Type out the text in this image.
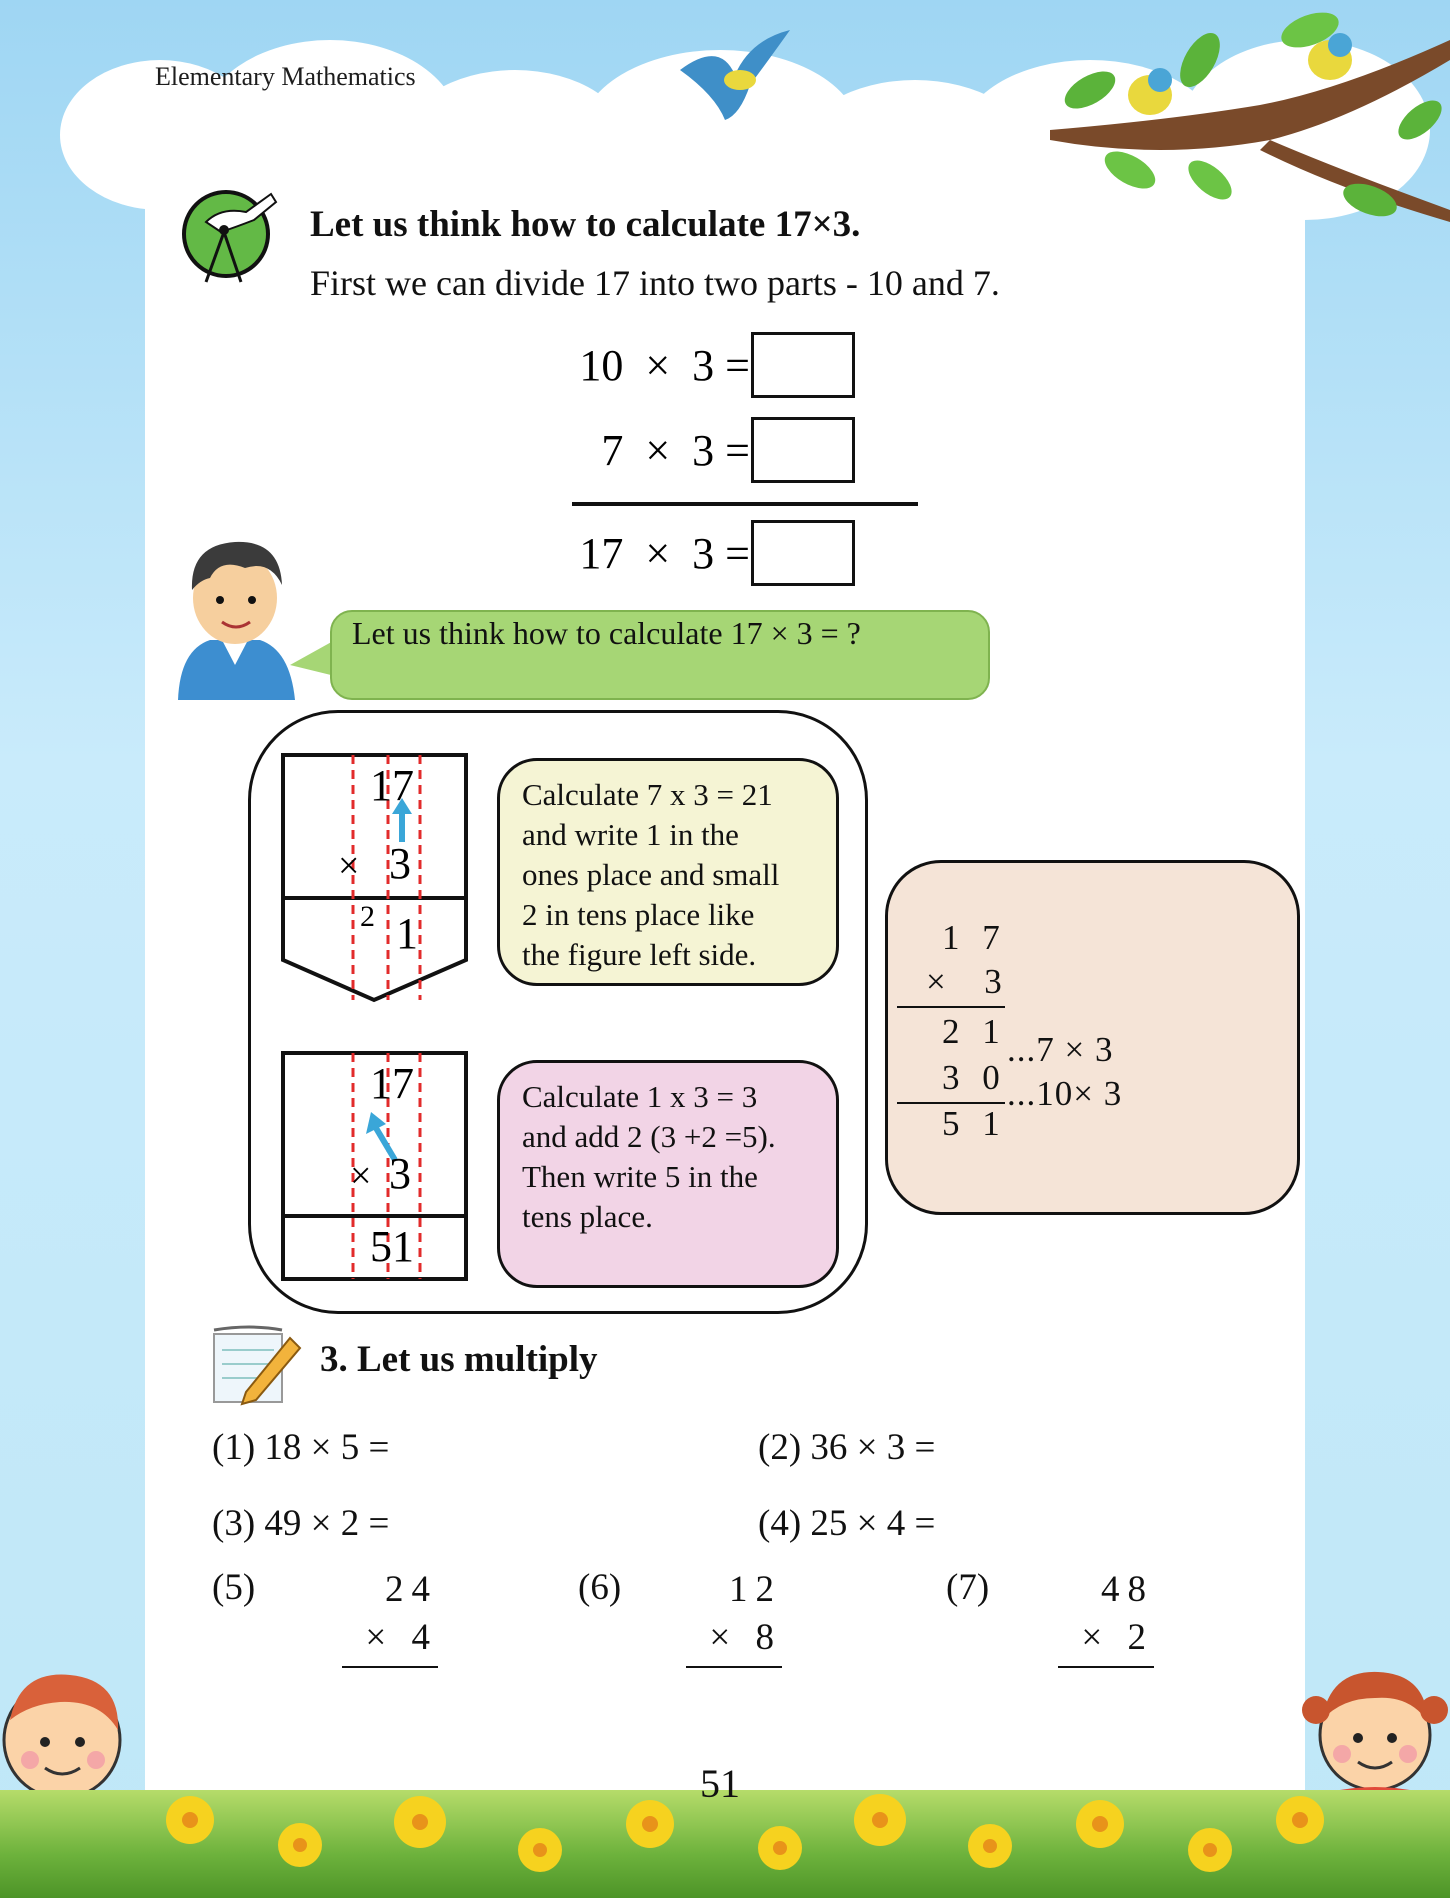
Elementary Mathematics
Let us think how to calculate 17×3.
First we can divide 17 into two parts - 10 and 7.
10  ×  3 =
7  ×  3 =
17  ×  3 =
Let us think how to calculate 17 × 3 = ?
17
× 3
2 1
Calculate 7 x 3 = 21
and write 1 in the
ones place and small
2 in tens place like
the figure left side.
17
× 3
51
Calculate 1 x 3 = 3
and add 2 (3 +2 =5).
Then write 5 in the
tens place.
1 7
×  3
2 1 ...7 × 3
3 0 ...10× 3
5 1
3. Let us multiply
(1) 18 × 5 =	(2) 36 × 3 =
(3) 49 × 2 =	(4) 25 × 4 =
(5)	24
× 4
(6)	12
× 8
(7)	48
× 2
51
